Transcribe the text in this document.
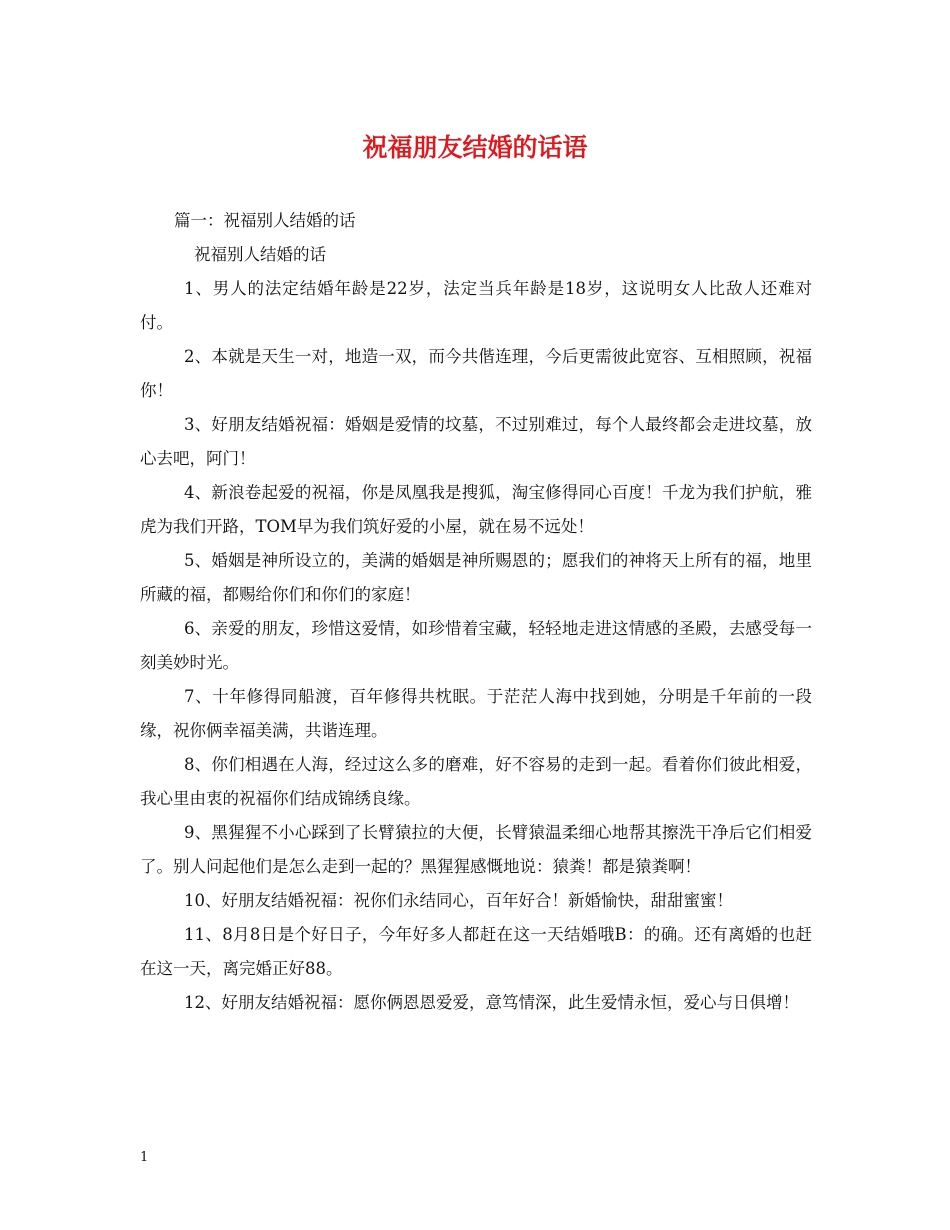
祝福朋友结婚的话语

篇一：祝福别人结婚的话

祝福别人结婚的话

1、男人的法定结婚年龄是22岁，法定当兵年龄是18岁，这说明女人比敌人还难对付。

2、本就是天生一对，地造一双，而今共偕连理，今后更需彼此宽容、互相照顾，祝福你！

3、好朋友结婚祝福：婚姻是爱情的坟墓，不过别难过，每个人最终都会走进坟墓，放心去吧，阿门！

4、新浪卷起爱的祝福，你是凤凰我是搜狐，淘宝修得同心百度！千龙为我们护航，雅虎为我们开路，TOM早为我们筑好爱的小屋，就在易不远处！

5、婚姻是神所设立的，美满的婚姻是神所赐恩的；愿我们的神将天上所有的福，地里所藏的福，都赐给你们和你们的家庭！

6、亲爱的朋友，珍惜这爱情，如珍惜着宝藏，轻轻地走进这情感的圣殿，去感受每一刻美妙时光。

7、十年修得同船渡，百年修得共枕眠。于茫茫人海中找到她，分明是千年前的一段缘，祝你俩幸福美满，共谐连理。

8、你们相遇在人海，经过这么多的磨难，好不容易的走到一起。看着你们彼此相爱，我心里由衷的祝福你们结成锦绣良缘。

9、黑猩猩不小心踩到了长臂猿拉的大便，长臂猿温柔细心地帮其擦洗干净后它们相爱了。别人问起他们是怎么走到一起的？黑猩猩感慨地说：猿粪！都是猿粪啊！

10、好朋友结婚祝福：祝你们永结同心，百年好合！新婚愉快，甜甜蜜蜜！

11、8月8日是个好日子，今年好多人都赶在这一天结婚哦B：的确。还有离婚的也赶在这一天，离完婚正好88。

12、好朋友结婚祝福：愿你俩恩恩爱爱，意笃情深，此生爱情永恒，爱心与日俱增！

1
